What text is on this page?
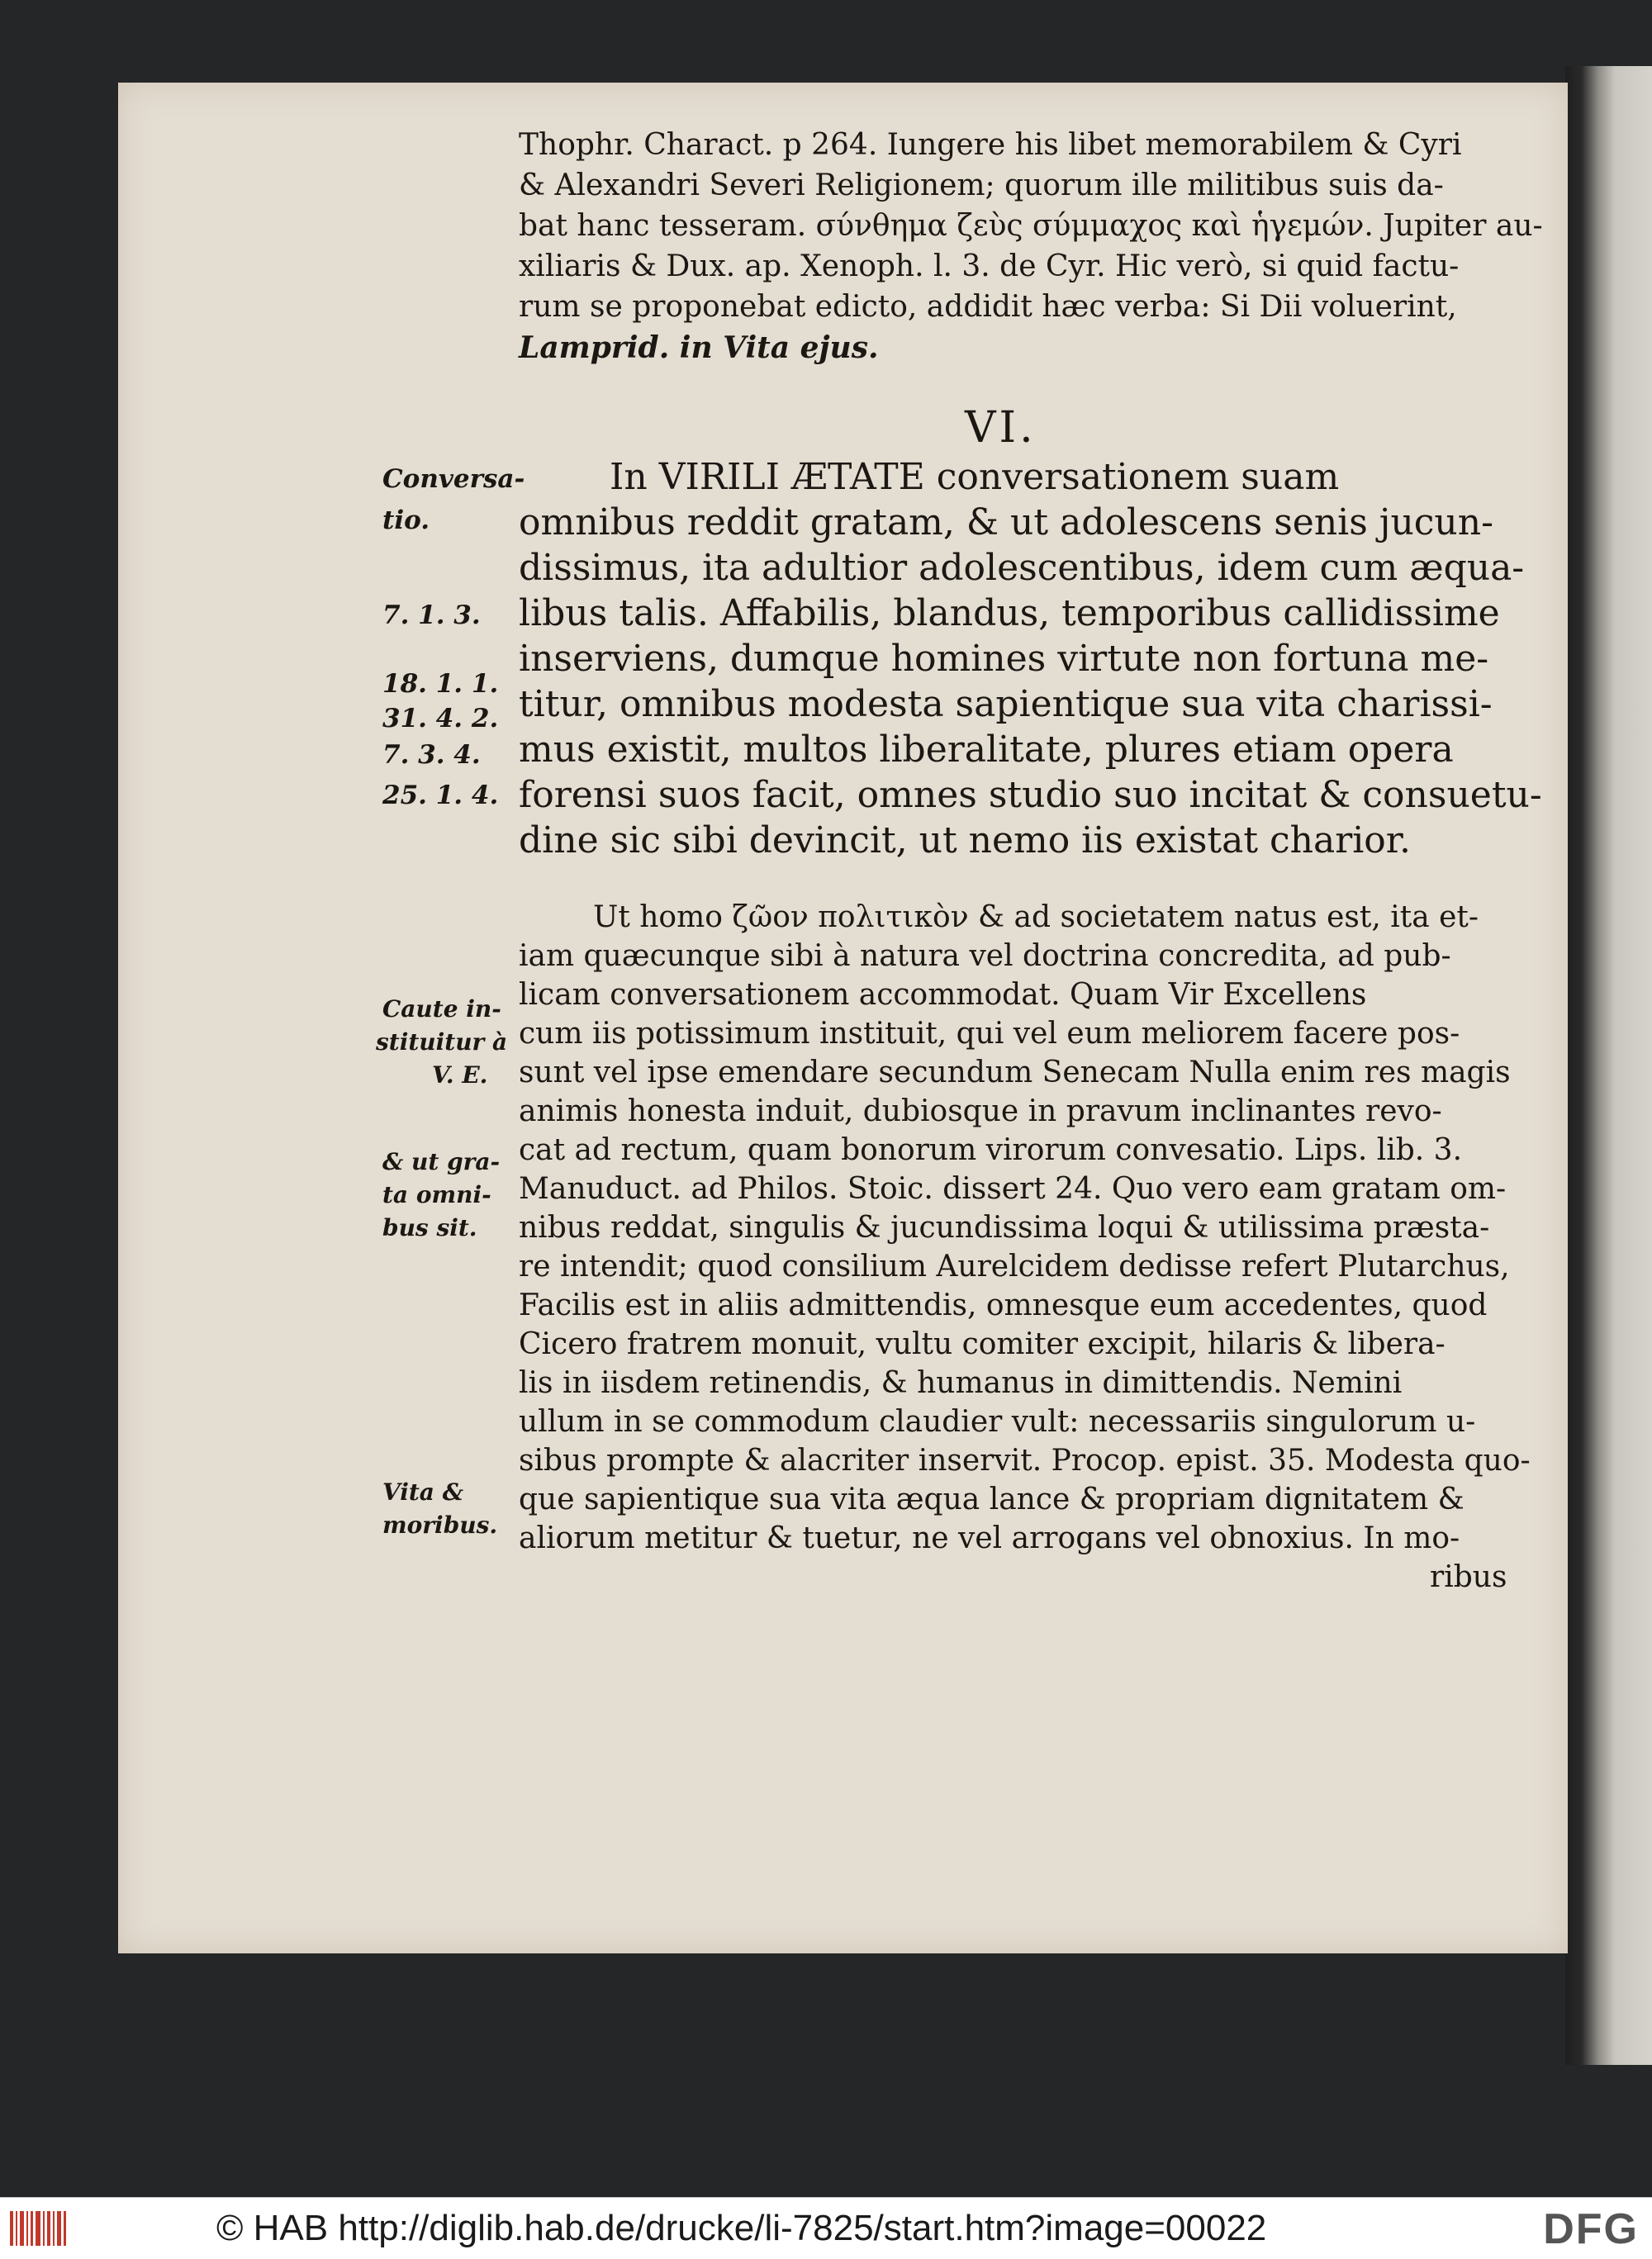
Thophr. Charact. p 264. Iungere his libet memorabilem & Cyri
& Alexandri Severi Religionem; quorum ille militibus suis da-
bat hanc tesseram. σύνθημα ζεὺς σύμμαχος καὶ ἡγεμών. Jupiter au-
xiliaris & Dux. ap. Xenoph. l. 3. de Cyr. Hic verò, si quid factu-
rum se proponebat edicto, addidit hæc verba: Si Dii voluerint,
Lamprid. in Vita ejus.
VI.
In VIRILI ÆTATE conversationem suam
omnibus reddit gratam, & ut adolescens senis jucun-
dissimus, ita adultior adolescentibus, idem cum æqua-
libus talis. Affabilis, blandus, temporibus callidissime
inserviens, dumque homines virtute non fortuna me-
titur, omnibus modesta sapientique sua vita charissi-
mus existit, multos liberalitate, plures etiam opera
forensi suos facit, omnes studio suo incitat & consuetu-
dine sic sibi devincit, ut nemo iis existat charior.
Ut homo ζῶον πολιτικὸν & ad societatem natus est, ita et-
iam quæcunque sibi à natura vel doctrina concredita, ad pub-
licam conversationem accommodat. Quam Vir Excellens
cum iis potissimum instituit, qui vel eum meliorem facere pos-
sunt vel ipse emendare secundum Senecam Nulla enim res magis
animis honesta induit, dubiosque in pravum inclinantes revo-
cat ad rectum, quam bonorum virorum convesatio. Lips. lib. 3.
Manuduct. ad Philos. Stoic. dissert 24. Quo vero eam gratam om-
nibus reddat, singulis & jucundissima loqui & utilissima præsta-
re intendit; quod consilium Aurelcidem dedisse refert Plutarchus,
Facilis est in aliis admittendis, omnesque eum accedentes, quod
Cicero fratrem monuit, vultu comiter excipit, hilaris & libera-
lis in iisdem retinendis, & humanus in dimittendis. Nemini
ullum in se commodum claudier vult: necessariis singulorum u-
sibus prompte & alacriter inservit. Procop. epist. 35. Modesta quo-
que sapientique sua vita æqua lance & propriam dignitatem &
aliorum metitur & tuetur, ne vel arrogans vel obnoxius. In mo-
ribus
Conversa-
tio.
7. 1. 3.
18. 1. 1.
31. 4. 2.
7. 3. 4.
25. 1. 4.
Caute in-
stituitur à
V. E.
& ut gra-
ta omni-
bus sit.
Vita &
moribus.
© HAB http://diglib.hab.de/drucke/li-7825/start.htm?image=00022	DFG
